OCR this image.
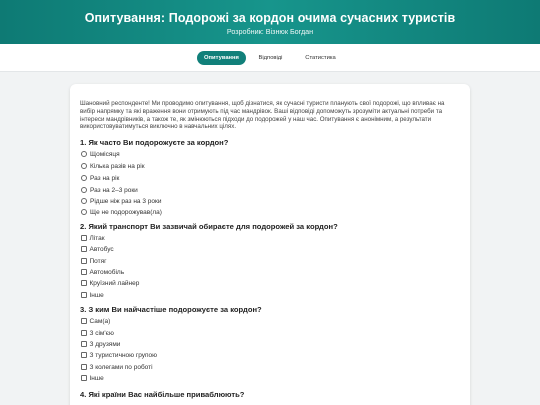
Опитування: Подорожі за кордон очима сучасних туристів
Розробник: Візнюк Богдан
Опитування	Відповіді	Статистика
Шановний респонденте! Ми проводимо опитування, щоб дізнатися, як сучасні туристи планують свої подорожі, що впливає на вибір напрямку та які враження вони отримують під час мандрівок. Ваші відповіді допоможуть зрозуміти актуальні потреби та інтереси мандрівників, а також те, як змінюються підходи до подорожей у наш час. Опитування є анонімним, а результати використовуватимуться виключно в навчальних цілях.
1. Як часто Ви подорожуєте за кордон?
Щомісяця
Кілька разів на рік
Раз на рік
Раз на 2–3 роки
Рідше ніж раз на 3 роки
Ще не подорожував(ла)
2. Який транспорт Ви зазвичай обираєте для подорожей за кордон?
Літак
Автобус
Потяг
Автомобіль
Круїзний лайнер
Інше
3. З ким Ви найчастіше подорожуєте за кордон?
Сам(а)
З сім'єю
З друзями
З туристичною групою
З колегами по роботі
Інше
4. Які країни Вас найбільше приваблюють?
